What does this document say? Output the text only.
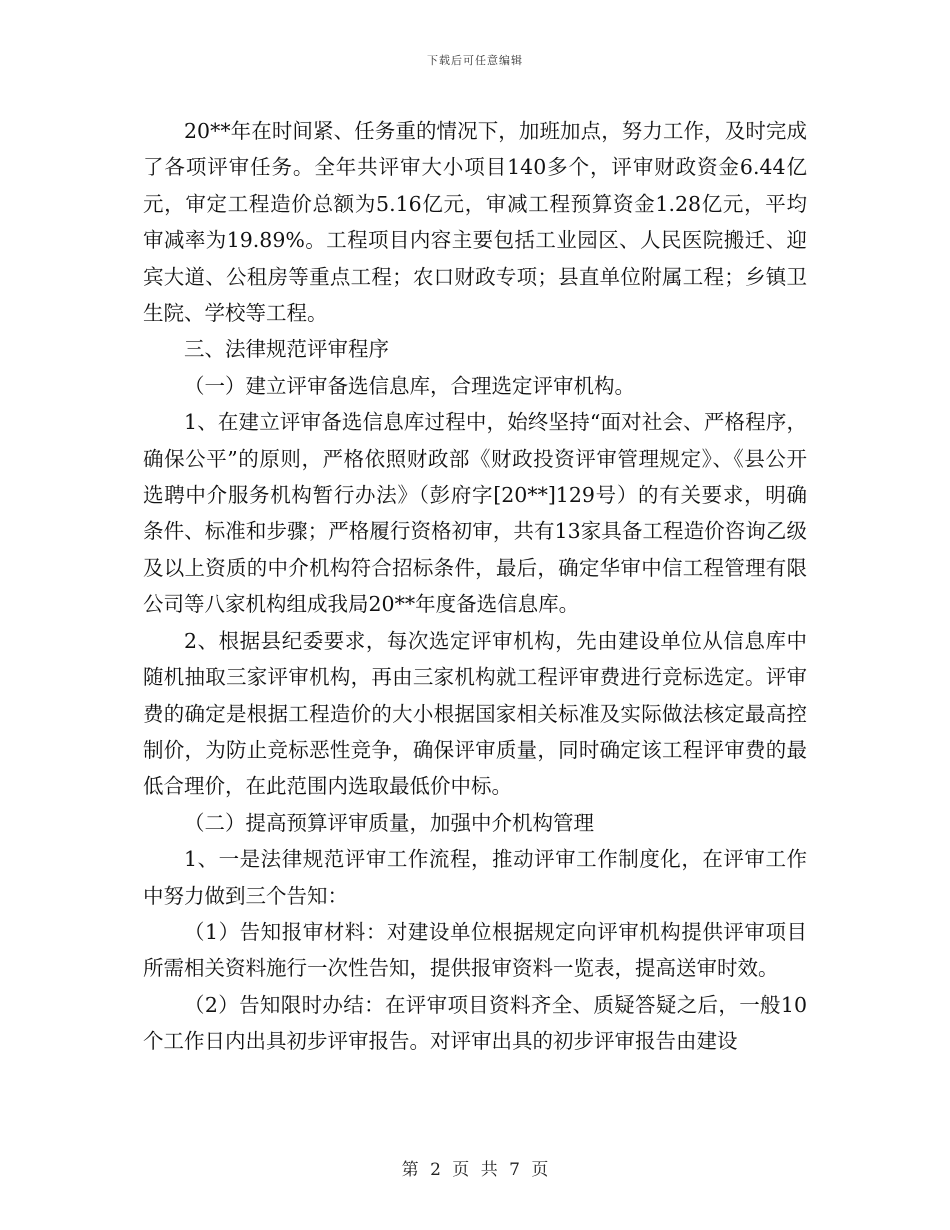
下载后可任意编辑

20**年在时间紧、任务重的情况下，加班加点，努力工作，及时完成了各项评审任务。全年共评审大小项目140多个，评审财政资金6.44亿元，审定工程造价总额为5.16亿元，审减工程预算资金1.28亿元，平均审减率为19.89%。工程项目内容主要包括工业园区、人民医院搬迁、迎宾大道、公租房等重点工程；农口财政专项；县直单位附属工程；乡镇卫生院、学校等工程。

三、法律规范评审程序

（一）建立评审备选信息库，合理选定评审机构。

1、在建立评审备选信息库过程中，始终坚持“面对社会、严格程序，确保公平”的原则，严格依照财政部《财政投资评审管理规定》、《县公开选聘中介服务机构暂行办法》（彭府字[20**]129号）的有关要求，明确条件、标准和步骤；严格履行资格初审，共有13家具备工程造价咨询乙级及以上资质的中介机构符合招标条件，最后，确定华审中信工程管理有限公司等八家机构组成我局20**年度备选信息库。

2、根据县纪委要求，每次选定评审机构，先由建设单位从信息库中随机抽取三家评审机构，再由三家机构就工程评审费进行竞标选定。评审费的确定是根据工程造价的大小根据国家相关标准及实际做法核定最高控制价，为防止竞标恶性竞争，确保评审质量，同时确定该工程评审费的最低合理价，在此范围内选取最低价中标。

（二）提高预算评审质量，加强中介机构管理

1、一是法律规范评审工作流程，推动评审工作制度化，在评审工作中努力做到三个告知：

（1）告知报审材料：对建设单位根据规定向评审机构提供评审项目所需相关资料施行一次性告知，提供报审资料一览表，提高送审时效。

（2）告知限时办结：在评审项目资料齐全、质疑答疑之后，一般10个工作日内出具初步评审报告。对评审出具的初步评审报告由建设

第 2 页 共 7 页
